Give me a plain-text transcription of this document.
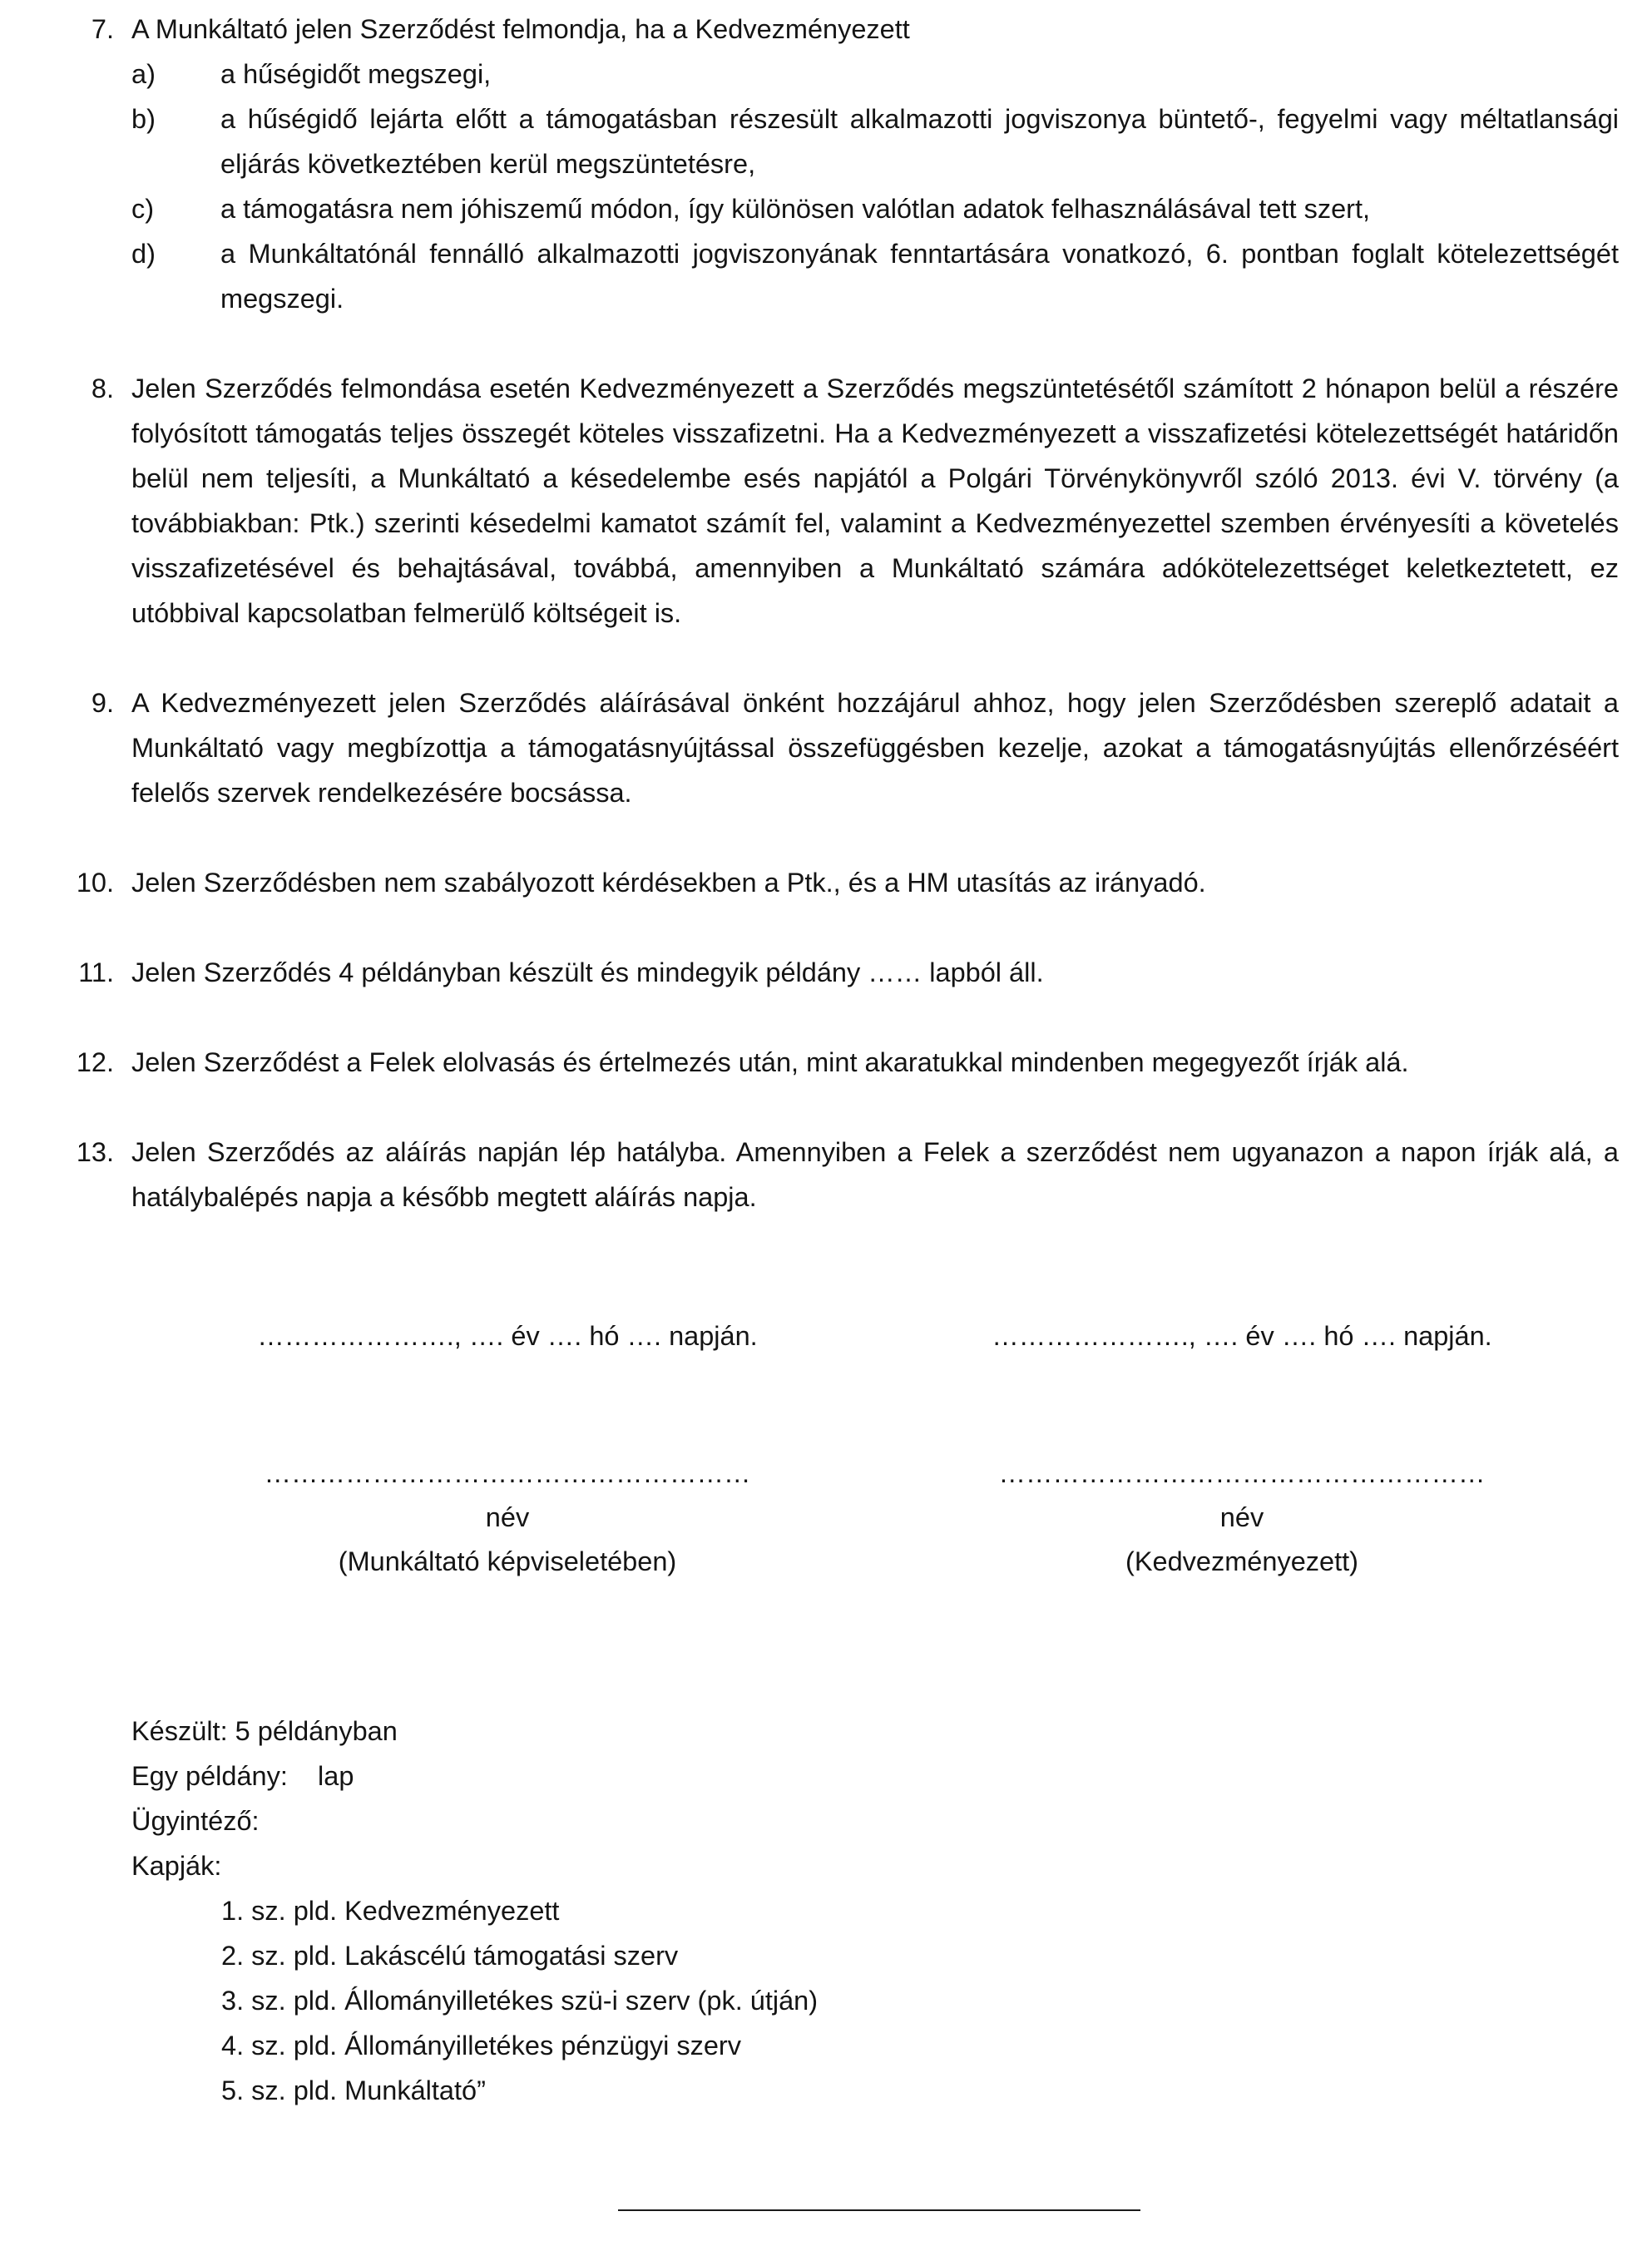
7. A Munkáltató jelen Szerződést felmondja, ha a Kedvezményezett
a) a hűségidőt megszegi,
b) a hűségidő lejárta előtt a támogatásban részesült alkalmazotti jogviszonya büntető-, fegyelmi vagy méltatlansági eljárás következtében kerül megszüntetésre,
c) a támogatásra nem jóhiszemű módon, így különösen valótlan adatok felhasználásával tett szert,
d) a Munkáltatónál fennálló alkalmazotti jogviszonyának fenntartására vonatkozó, 6. pontban foglalt kötelezettségét megszegi.
8. Jelen Szerződés felmondása esetén Kedvezményezett a Szerződés megszüntetésétől számított 2 hónapon belül a részére folyósított támogatás teljes összegét köteles visszafizetni. Ha a Kedvezményezett a visszafizetési kötelezettségét határidőn belül nem teljesíti, a Munkáltató a késedelembe esés napjától a Polgári Törvénykönyvről szóló 2013. évi V. törvény (a továbbiakban: Ptk.) szerinti késedelmi kamatot számít fel, valamint a Kedvezményezettel szemben érvényesíti a követelés visszafizetésével és behajtásával, továbbá, amennyiben a Munkáltató számára adókötelezettséget keletkeztetett, ez utóbbival kapcsolatban felmerülő költségeit is.
9. A Kedvezményezett jelen Szerződés aláírásával önként hozzájárul ahhoz, hogy jelen Szerződésben szereplő adatait a Munkáltató vagy megbízottja a támogatásnyújtással összefüggésben kezelje, azokat a támogatásnyújtás ellenőrzéséért felelős szervek rendelkezésére bocsássa.
10. Jelen Szerződésben nem szabályozott kérdésekben a Ptk., és a HM utasítás az irányadó.
11. Jelen Szerződés 4 példányban készült és mindegyik példány …… lapból áll.
12. Jelen Szerződést a Felek elolvasás és értelmezés után, mint akaratukkal mindenben megegyezőt írják alá.
13. Jelen Szerződés az aláírás napján lép hatályba. Amennyiben a Felek a szerződést nem ugyanazon a napon írják alá, a hatálybalépés napja a később megtett aláírás napja.
…………………., …. év …. hó …. napján.
………………………………………………
név
(Munkáltató képviseletében)
…………………., …. év …. hó …. napján.
………………………………………………
név
(Kedvezményezett)
Készült: 5 példányban
Egy példány:    lap
Ügyintéző:
Kapják:
1. sz. pld. Kedvezményezett
2. sz. pld. Lakáscélú támogatási szerv
3. sz. pld. Állományilletékes szü-i szerv (pk. útján)
4. sz. pld. Állományilletékes pénzügyi szerv
5. sz. pld. Munkáltató”
